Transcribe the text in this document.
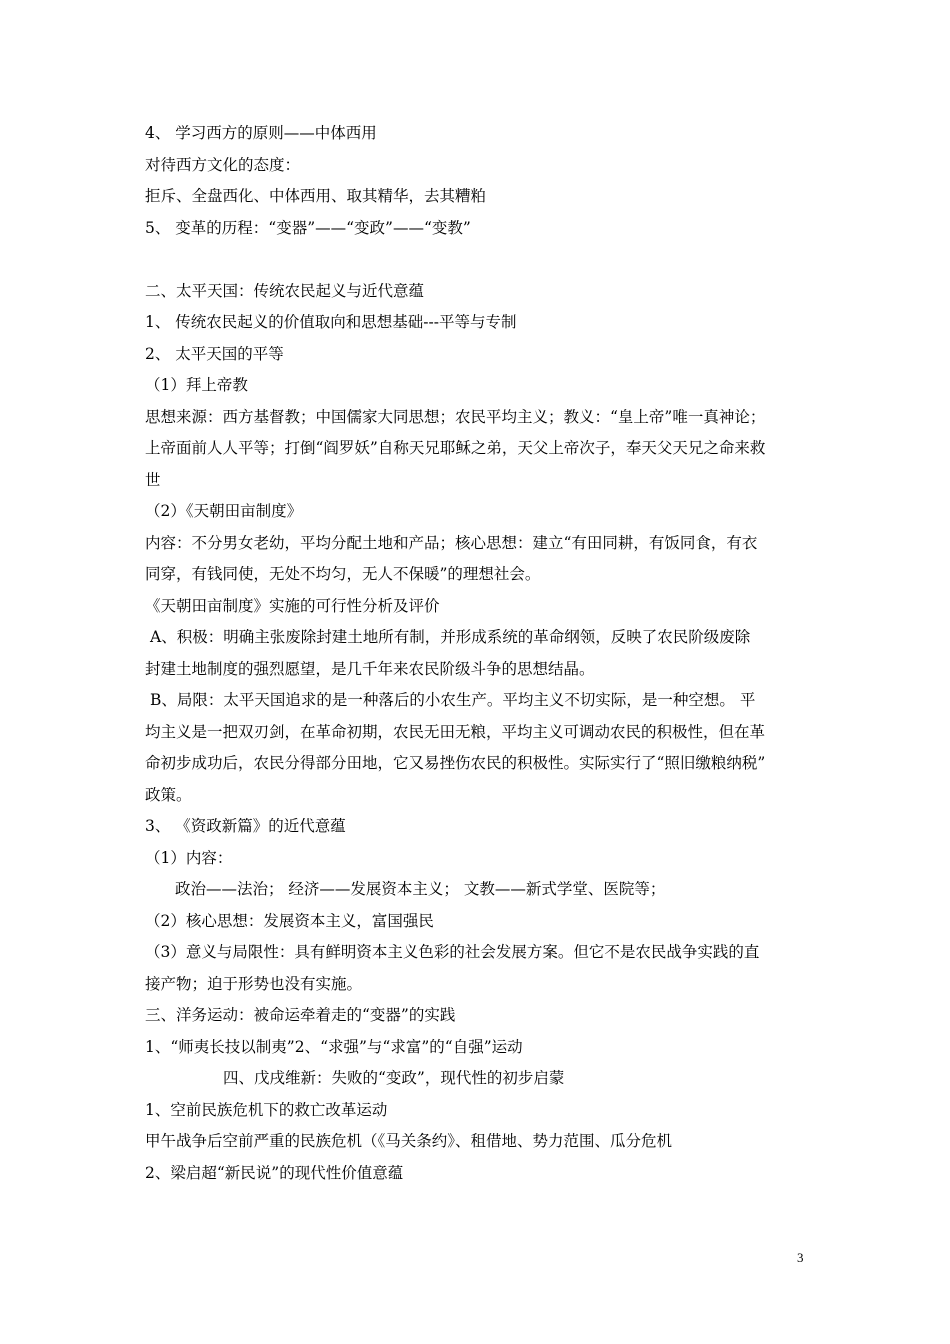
4、 学习西方的原则——中体西用
对待西方文化的态度：
拒斥、全盘西化、中体西用、取其精华，去其糟粕
5、 变革的历程：“变器”——“变政”——“变教”
二、太平天国：传统农民起义与近代意蕴
1、 传统农民起义的价值取向和思想基础---平等与专制
2、 太平天国的平等
（1）拜上帝教
思想来源：西方基督教；中国儒家大同思想；农民平均主义；教义：“皇上帝”唯一真神论；
上帝面前人人平等；打倒“阎罗妖”自称天兄耶稣之弟，天父上帝次子，奉天父天兄之命来救
世
（2）《天朝田亩制度》
内容：不分男女老幼，平均分配土地和产品；核心思想：建立“有田同耕，有饭同食，有衣
同穿，有钱同使，无处不均匀，无人不保暖”的理想社会。
《天朝田亩制度》实施的可行性分析及评价
A、积极：明确主张废除封建土地所有制，并形成系统的革命纲领，反映了农民阶级废除
封建土地制度的强烈愿望，是几千年来农民阶级斗争的思想结晶。
B、局限：太平天国追求的是一种落后的小农生产。平均主义不切实际，是一种空想。 平
均主义是一把双刃剑，在革命初期，农民无田无粮，平均主义可调动农民的积极性，但在革
命初步成功后，农民分得部分田地，它又易挫伤农民的积极性。实际实行了“照旧缴粮纳税”
政策。
3、 《资政新篇》的近代意蕴
（1）内容：
政治——法治； 经济——发展资本主义； 文教——新式学堂、医院等；
（2）核心思想：发展资本主义，富国强民
（3）意义与局限性：具有鲜明资本主义色彩的社会发展方案。但它不是农民战争实践的直
接产物；迫于形势也没有实施。
三、洋务运动：被命运牵着走的“变器”的实践
1、“师夷长技以制夷”2、“求强”与“求富”的“自强”运动
四、戊戌维新：失败的“变政”，现代性的初步启蒙
1、空前民族危机下的救亡改革运动
甲午战争后空前严重的民族危机（《马关条约》、租借地、势力范围、瓜分危机
2、梁启超“新民说”的现代性价值意蕴
3
